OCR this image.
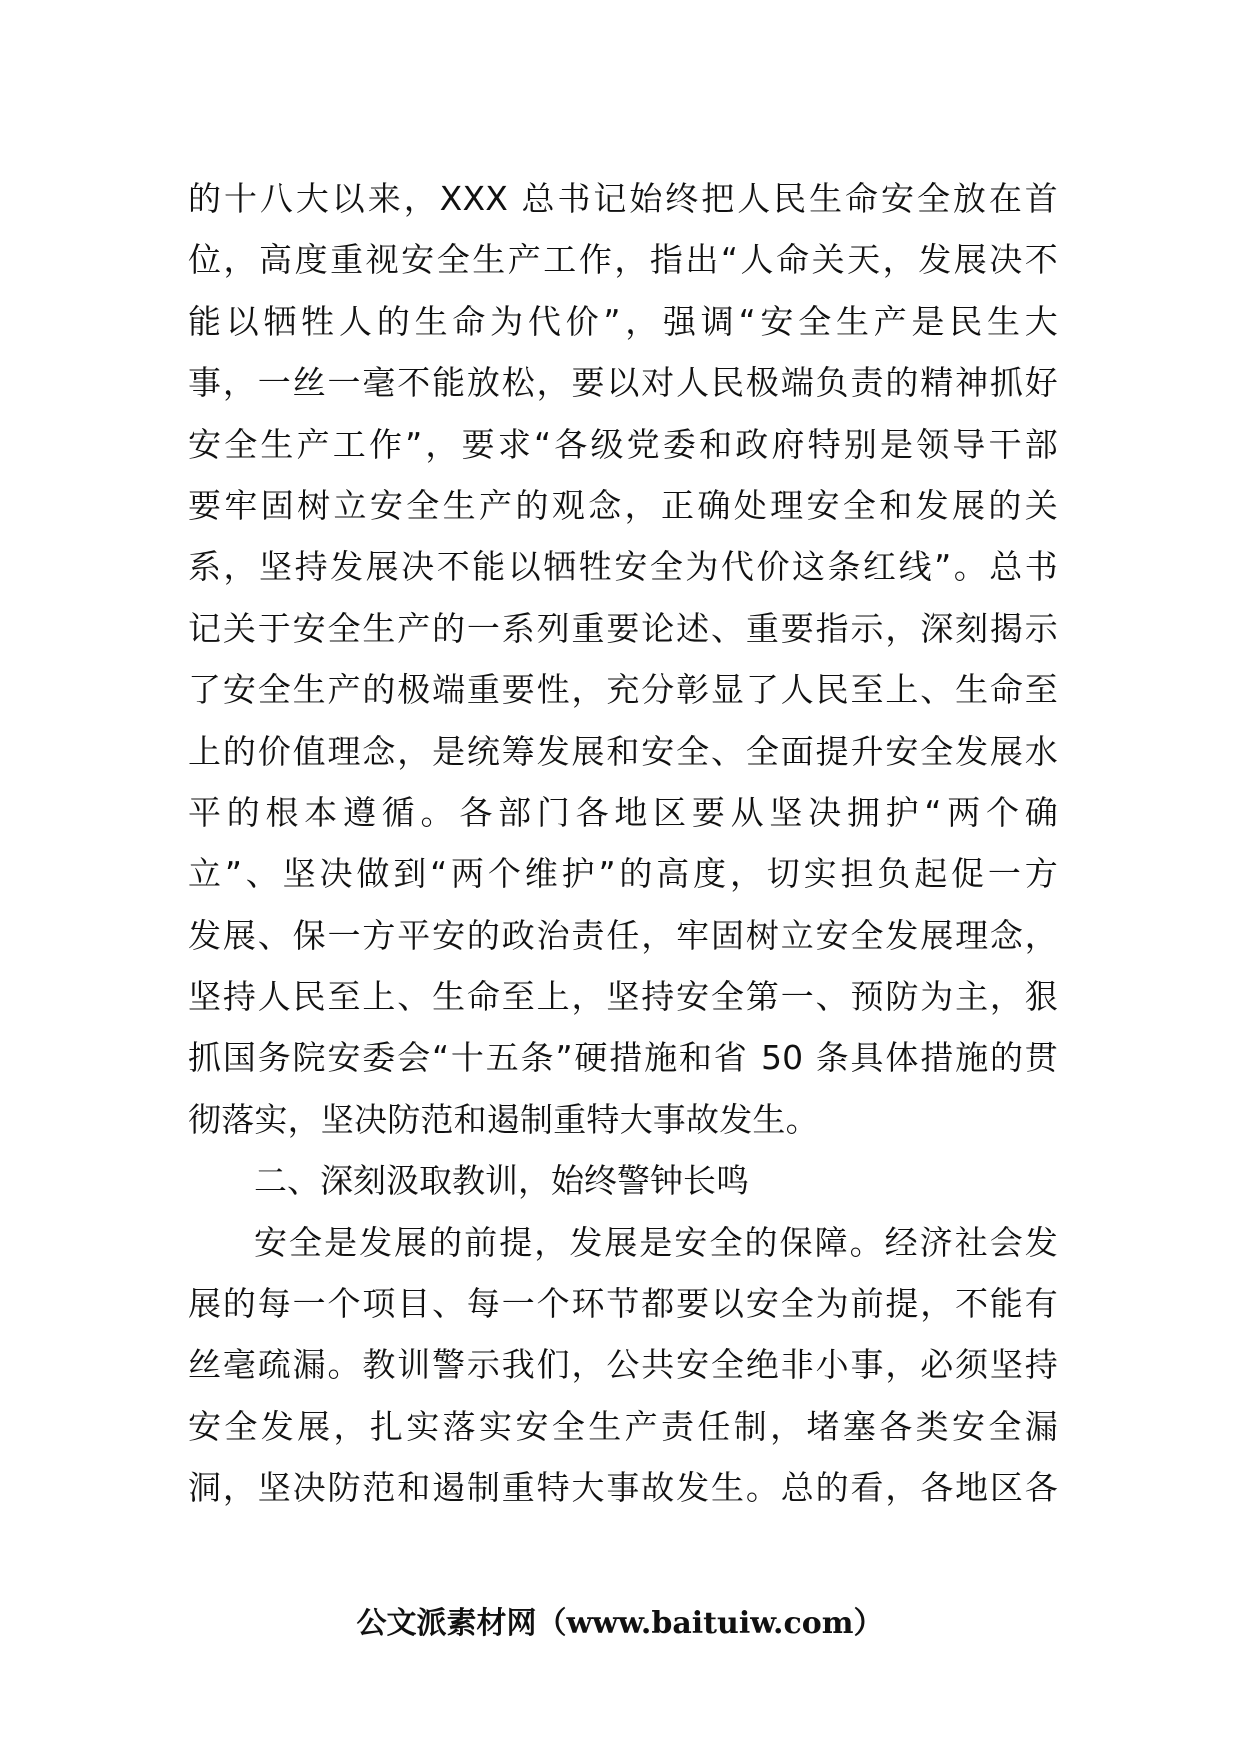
的十八大以来，XXX 总书记始终把人民生命安全放在首
位，高度重视安全生产工作，指出“人命关天，发展决不
能以牺牲人的生命为代价”，强调“安全生产是民生大
事，一丝一毫不能放松，要以对人民极端负责的精神抓好
安全生产工作”，要求“各级党委和政府特别是领导干部
要牢固树立安全生产的观念，正确处理安全和发展的关
系，坚持发展决不能以牺牲安全为代价这条红线”。总书
记关于安全生产的一系列重要论述、重要指示，深刻揭示
了安全生产的极端重要性，充分彰显了人民至上、生命至
上的价值理念，是统筹发展和安全、全面提升安全发展水
平的根本遵循。各部门各地区要从坚决拥护“两个确
立”、坚决做到“两个维护”的高度，切实担负起促一方
发展、保一方平安的政治责任，牢固树立安全发展理念，
坚持人民至上、生命至上，坚持安全第一、预防为主，狠
抓国务院安委会“十五条”硬措施和省 50 条具体措施的贯
彻落实，坚决防范和遏制重特大事故发生。
二、深刻汲取教训，始终警钟长鸣
安全是发展的前提，发展是安全的保障。经济社会发
展的每一个项目、每一个环节都要以安全为前提，不能有
丝毫疏漏。教训警示我们，公共安全绝非小事，必须坚持
安全发展，扎实落实安全生产责任制，堵塞各类安全漏
洞，坚决防范和遏制重特大事故发生。总的看，各地区各
公文派素材网（www.baituiw.com）
